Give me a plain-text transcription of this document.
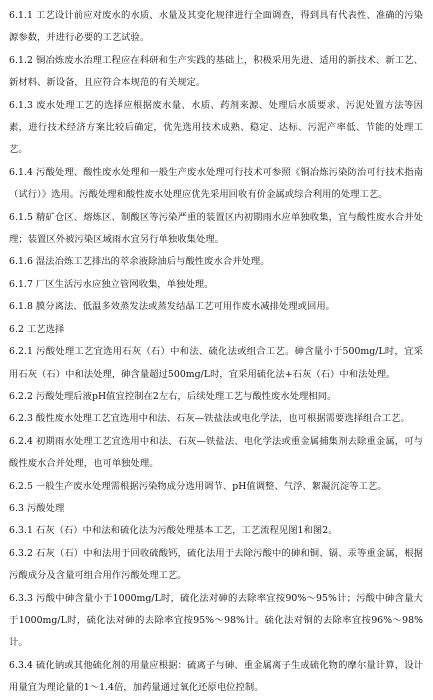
6.1.1 工艺设计前应对废水的水质、水量及其变化规律进行全面调查，得到具有代表性、准确的污染源参数，并进行必要的工艺试验。

6.1.2 铜冶炼废水治理工程应在科研和生产实践的基础上，积极采用先进、适用的新技术、新工艺、新材料、新设备，且应符合本规范的有关规定。

6.1.3 废水处理工艺的选择应根据废水量、水质、药剂来源、处理后水质要求、污泥处置方法等因素，进行技术经济方案比较后确定，优先选用技术成熟、稳定、达标、污泥产率低、节能的处理工艺。

6.1.4 污酸处理、酸性废水处理和一般生产废水处理可行技术可参照《铜冶炼污染防治可行技术指南（试行）》选用。污酸处理和酸性废水处理应优先采用回收有价金属或综合利用的处理工艺。

6.1.5 精矿仓区、熔炼区、制酸区等污染严重的装置区内初期雨水应单独收集，宜与酸性废水合并处理；装置区外被污染区域雨水宜另行单独收集处理。

6.1.6 湿法冶炼工艺排出的萃余液除油后与酸性废水合并处理。

6.1.7 厂区生活污水应独立管网收集，单独处理。

6.1.8 膜分离法、低温多效蒸发法或蒸发结晶工艺可用作废水减排处理或回用。

6.2 工艺选择

6.2.1 污酸处理工艺宜选用石灰（石）中和法、硫化法或组合工艺。砷含量小于500mg/L时，宜采用石灰（石）中和法处理，砷含量超过500mg/L时，宜采用硫化法+石灰（石）中和法处理。

6.2.2 污酸处理后液pH值宜控制在2左右，后续处理工艺与酸性废水处理相同。

6.2.3 酸性废水处理工艺宜选用中和法、石灰—铁盐法或电化学法，也可根据需要选择组合工艺。

6.2.4 初期雨水处理工艺宜选用中和法、石灰—铁盐法、电化学法或重金属捕集剂去除重金属，可与酸性废水合并处理，也可单独处理。

6.2.5 一般生产废水处理需根据污染物成分选用调节、pH值调整、气浮、絮凝沉淀等工艺。

6.3 污酸处理

6.3.1 石灰（石）中和法和硫化法为污酸处理基本工艺，工艺流程见图1和图2。

6.3.2 石灰（石）中和法用于回收硫酸钙，硫化法用于去除污酸中的砷和铜、镉、汞等重金属，根据污酸成分及含量可组合用作污酸处理工艺。

6.3.3 污酸中砷含量小于1000mg/L时，硫化法对砷的去除率宜按90%～95%计；污酸中砷含量大于1000mg/L时，硫化法对砷的去除率宜按95%～98%计。硫化法对铜的去除率宜按96%～98%计。

6.3.4 硫化钠或其他硫化剂的用量应根据：硫离子与砷、重金属离子生成硫化物的摩尔量计算，设计用量宜为理论量的1～1.4倍，加药量通过氧化还原电位控制。
